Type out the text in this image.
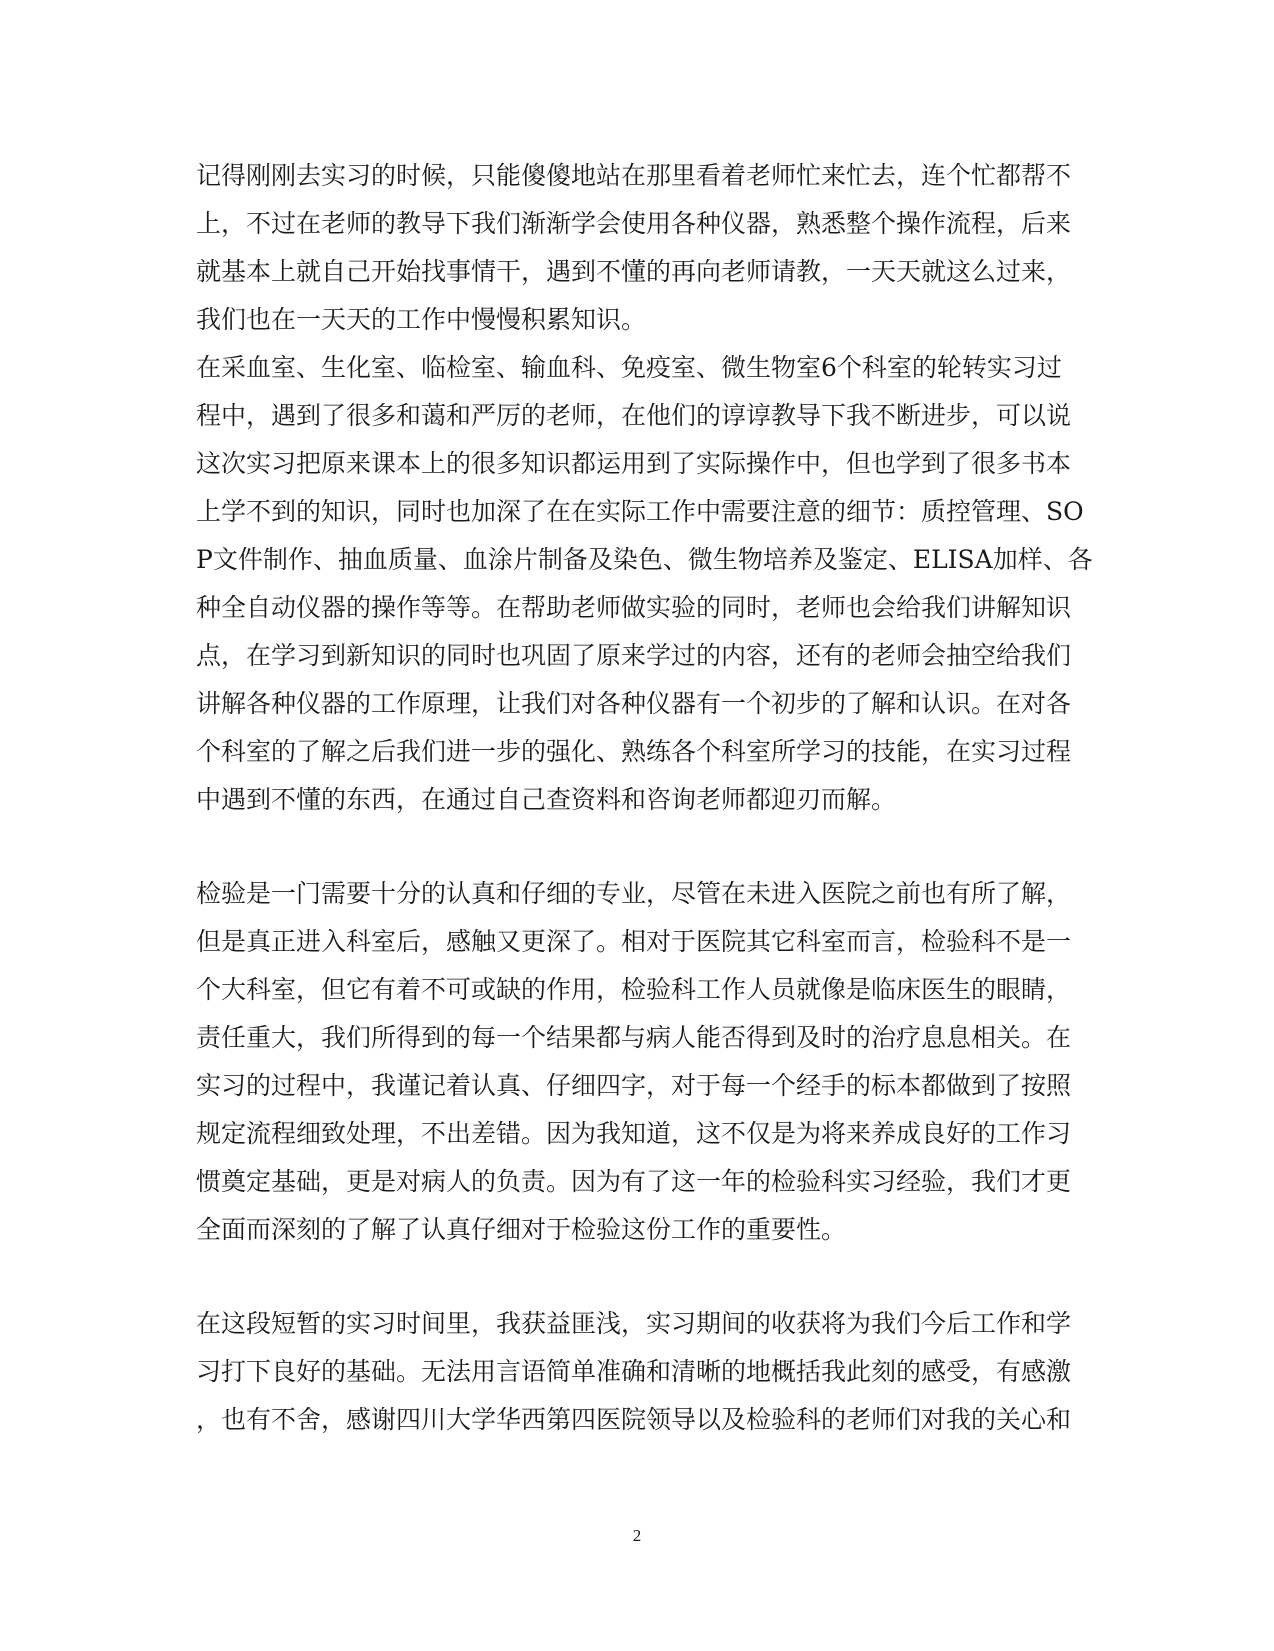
记得刚刚去实习的时候，只能傻傻地站在那里看着老师忙来忙去，连个忙都帮不
上，不过在老师的教导下我们渐渐学会使用各种仪器，熟悉整个操作流程，后来
就基本上就自己开始找事情干，遇到不懂的再向老师请教，一天天就这么过来，
我们也在一天天的工作中慢慢积累知识。
在采血室、生化室、临检室、输血科、免疫室、微生物室6个科室的轮转实习过
程中，遇到了很多和蔼和严厉的老师，在他们的谆谆教导下我不断进步，可以说
这次实习把原来课本上的很多知识都运用到了实际操作中，但也学到了很多书本
上学不到的知识，同时也加深了在在实际工作中需要注意的细节：质控管理、SO
P文件制作、抽血质量、血涂片制备及染色、微生物培养及鉴定、ELISA加样、各
种全自动仪器的操作等等。在帮助老师做实验的同时，老师也会给我们讲解知识
点，在学习到新知识的同时也巩固了原来学过的内容，还有的老师会抽空给我们
讲解各种仪器的工作原理，让我们对各种仪器有一个初步的了解和认识。在对各
个科室的了解之后我们进一步的强化、熟练各个科室所学习的技能，在实习过程
中遇到不懂的东西，在通过自己查资料和咨询老师都迎刃而解。
检验是一门需要十分的认真和仔细的专业，尽管在未进入医院之前也有所了解，
但是真正进入科室后，感触又更深了。相对于医院其它科室而言，检验科不是一
个大科室，但它有着不可或缺的作用，检验科工作人员就像是临床医生的眼睛，
责任重大，我们所得到的每一个结果都与病人能否得到及时的治疗息息相关。在
实习的过程中，我谨记着认真、仔细四字，对于每一个经手的标本都做到了按照
规定流程细致处理，不出差错。因为我知道，这不仅是为将来养成良好的工作习
惯奠定基础，更是对病人的负责。因为有了这一年的检验科实习经验，我们才更
全面而深刻的了解了认真仔细对于检验这份工作的重要性。
在这段短暂的实习时间里，我获益匪浅，实习期间的收获将为我们今后工作和学
习打下良好的基础。无法用言语简单准确和清晰的地概括我此刻的感受，有感激
，也有不舍，感谢四川大学华西第四医院领导以及检验科的老师们对我的关心和
2
